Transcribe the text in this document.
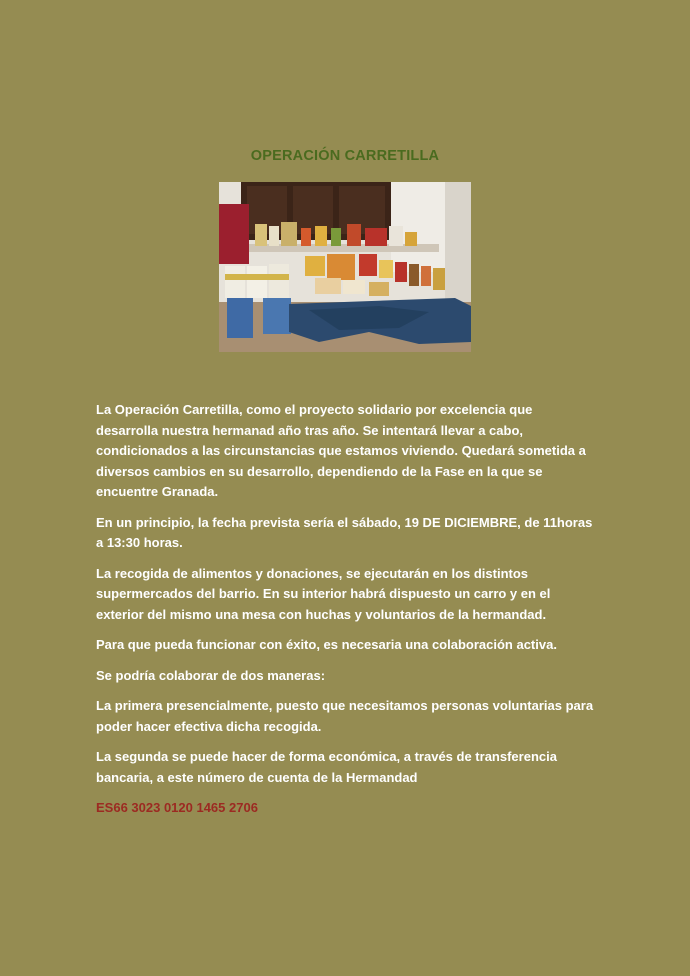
OPERACIÓN CARRETILLA

La Operación Carretilla, como el proyecto solidario por excelencia que desarrolla nuestra hermanad año tras año. Se intentará llevar a cabo, condicionados a las circunstancias que estamos viviendo. Quedará sometida a diversos cambios en su desarrollo, dependiendo de la Fase en la que se encuentre Granada.

En un principio, la fecha prevista sería el sábado, 19 DE DICIEMBRE, de 11horas a 13:30 horas.

La recogida de alimentos y donaciones, se ejecutarán en los distintos supermercados del barrio. En su interior habrá dispuesto un carro y en el exterior del mismo una mesa con huchas y voluntarios de la hermandad.

Para que pueda funcionar con éxito, es necesaria una colaboración activa.

Se podría colaborar de dos maneras:

La primera presencialmente, puesto que necesitamos personas voluntarias para poder hacer efectiva dicha recogida.

La segunda se puede hacer de forma económica, a través de transferencia bancaria, a este número de cuenta de la Hermandad

ES66 3023 0120 1465 2706
